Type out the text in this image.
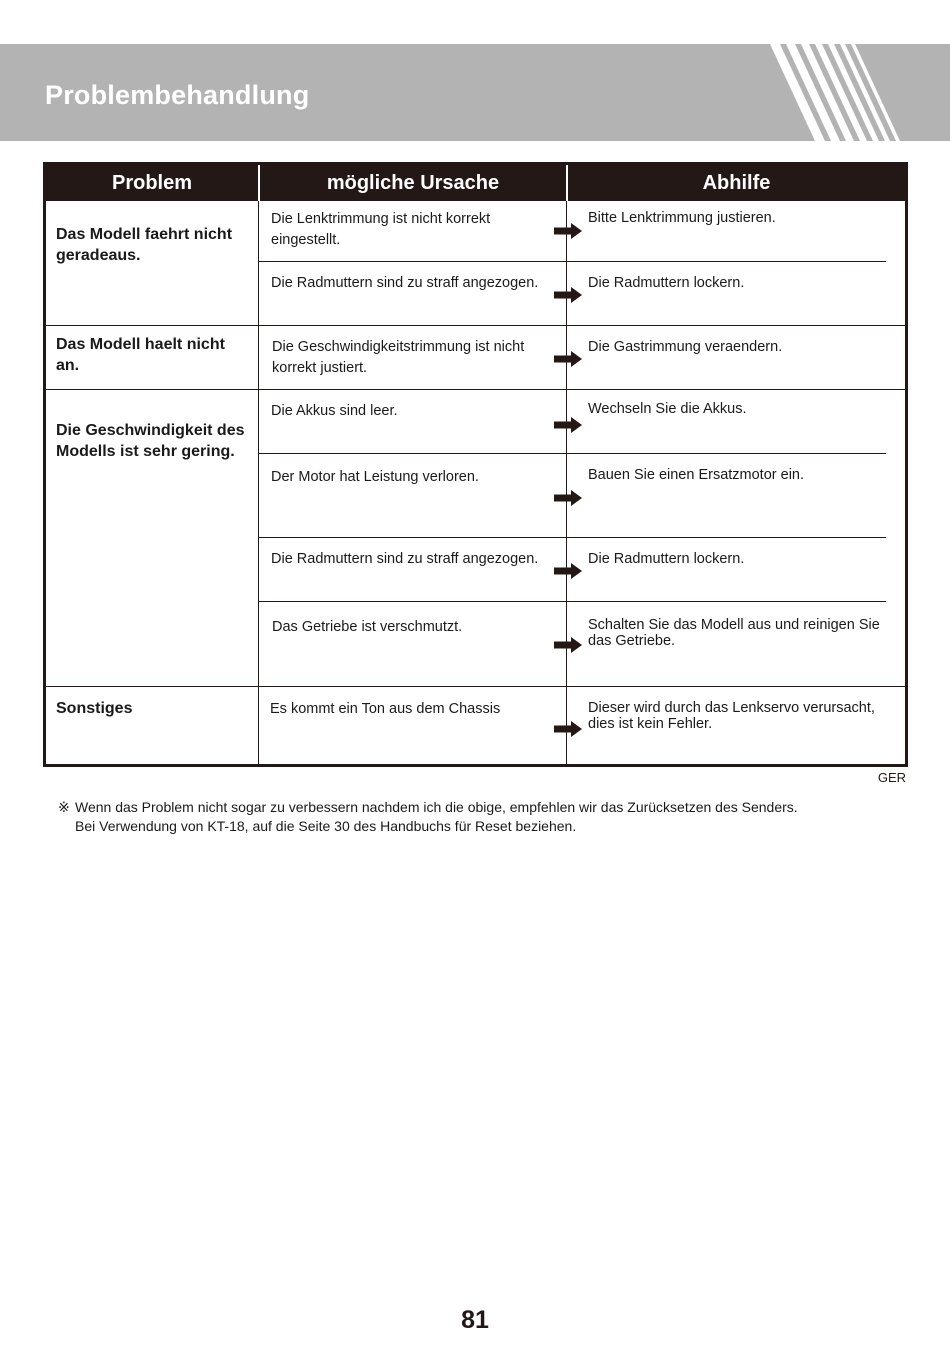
Problembehandlung
Problem	mögliche Ursache	Abhilfe
Das Modell faehrt nicht geradeaus.
Das Modell haelt nicht an.
Die Geschwindigkeit des Modells ist sehr gering.
Sonstiges
Die Lenktrimmung ist nicht korrekt eingestellt.
Die Radmuttern sind zu straff angezogen.
Die Geschwindigkeitstrimmung ist nicht korrekt justiert.
Die Akkus sind leer.
Der Motor hat Leistung verloren.
Die Radmuttern sind zu straff angezogen.
Das Getriebe ist verschmutzt.
Es kommt ein Ton aus dem Chassis
Bitte Lenktrimmung justieren.
Die Radmuttern lockern.
Die Gastrimmung veraendern.
Wechseln Sie die Akkus.
Bauen Sie einen Ersatzmotor ein.
Die Radmuttern lockern.
Schalten Sie das Modell aus und reinigen Sie das Getriebe.
Dieser wird durch das Lenkservo verursacht, dies ist kein Fehler.
GER
※ Wenn das Problem nicht sogar zu verbessern nachdem ich die obige, empfehlen wir das Zurücksetzen des Senders.
Bei Verwendung von KT-18, auf die Seite 30 des Handbuchs für Reset beziehen.
81
